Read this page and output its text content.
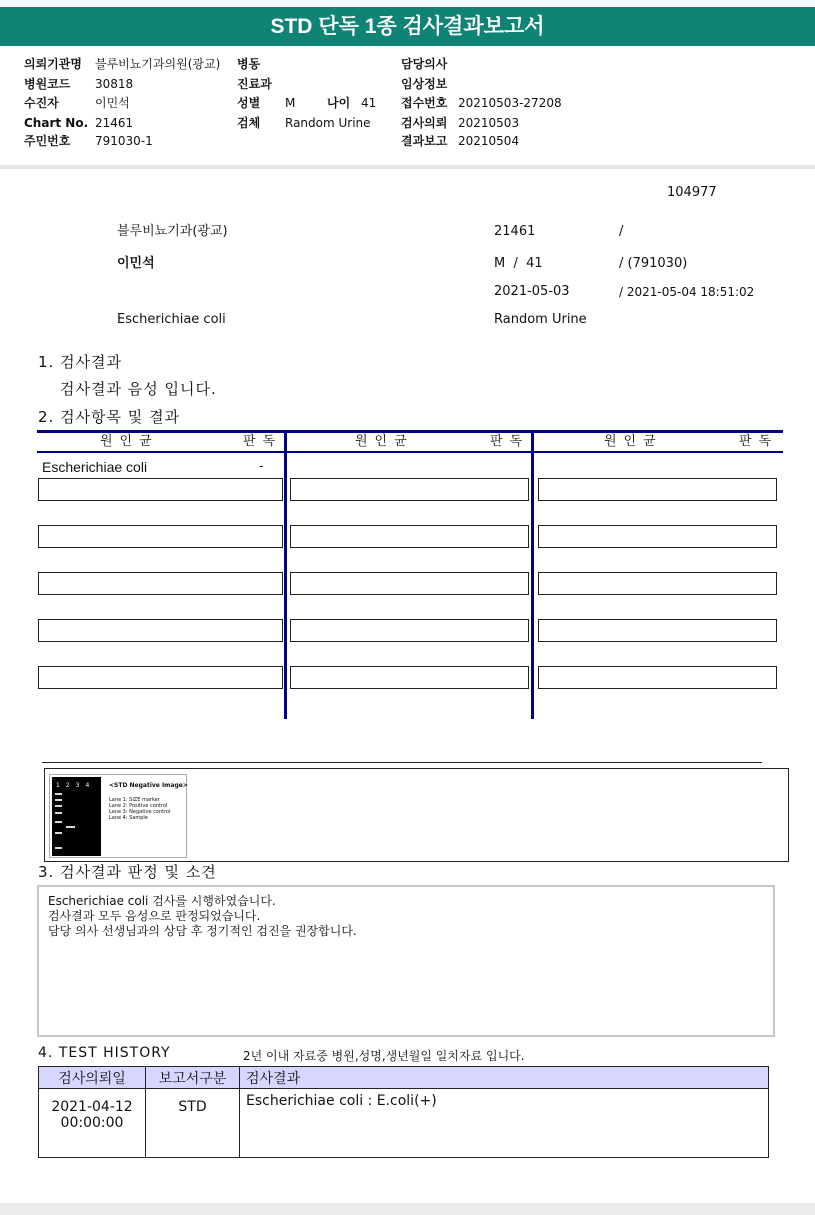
STD 단독 1종 검사결과보고서
의뢰기관명 블루비뇨기과의원(광교)
병원코드 30818
수진자	이민석
Chart No. 21461
주민번호 791030-1
병동
진료과
성별 M	나이 41
검체 Random Urine
담당의사
임상정보
접수번호 20210503-27208
검사의뢰 20210503
결과보고 20210504
104977
블루비뇨기과(광교)	21461	/
이민석	M  /  41	/ (791030)
2021-05-03	/ 2021-05-04 18:51:02
Escherichiae coli	Random Urine
1. 검사결과
검사결과 음성 입니다.
2. 검사항목 및 결과
원인균	판독	원인균	판독	원인균	판독
Escherichiae coli	-
1234 <STD Negative Image>
Lane 1: SIZE marker
Lane 2: Positive control
Lane 3: Negative control
Lane 4: Sample
3. 검사결과 판정 및 소견
Escherichiae coli 검사를 시행하였습니다.
검사결과 모두 음성으로 판정되었습니다.
담당 의사 선생님과의 상담 후 정기적인 검진을 권장합니다.
4. TEST HISTORY	2년 이내 자료중 병원,성명,생년월일 일치자료 입니다.
검사의뢰일	보고서구분	검사결과

2021-04-12
00:00:00	STD	Escherichiae coli : E.coli(+)
